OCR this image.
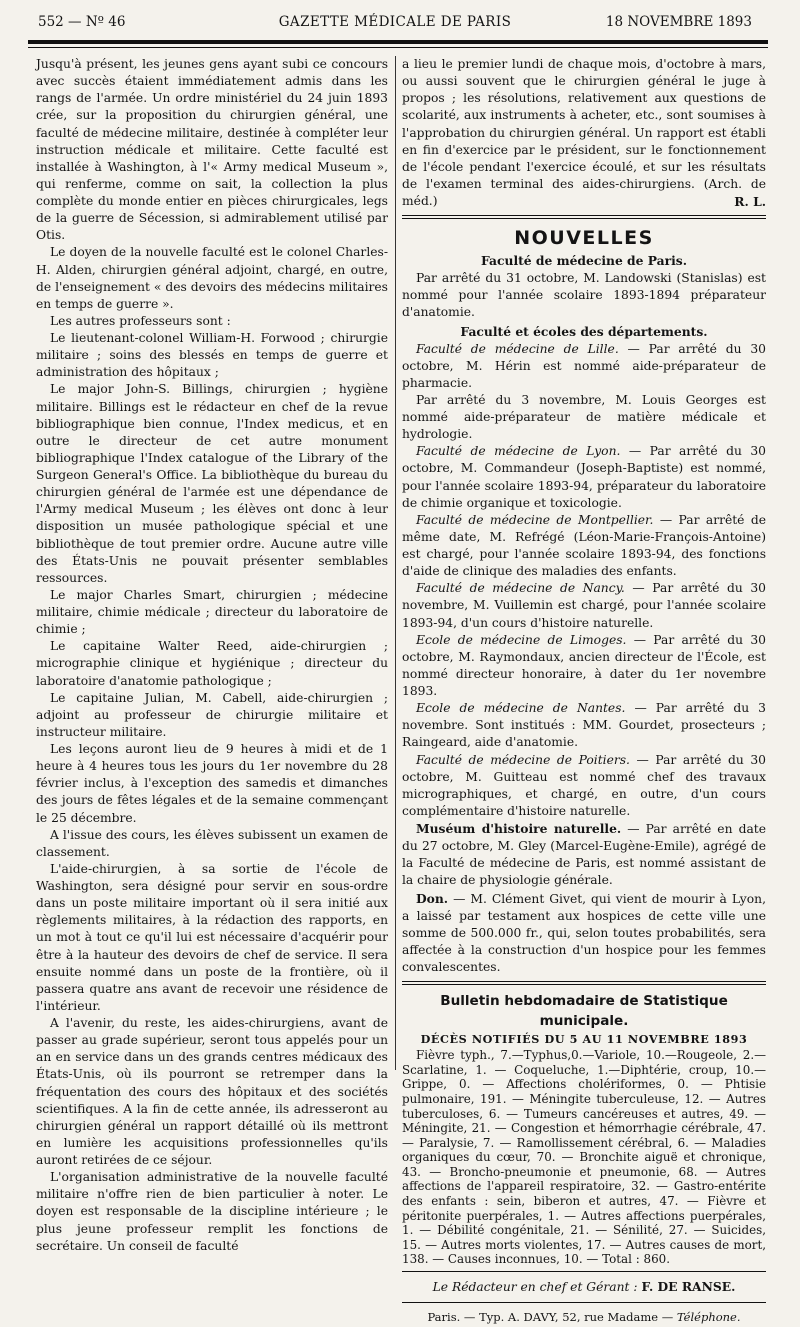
552 — Nº 46	GAZETTE MÉDICALE DE PARIS	18 NOVEMBRE 1893

Jusqu'à présent, les jeunes gens ayant subi ce concours avec succès étaient immédiatement admis dans les rangs de l'armée. Un ordre ministériel du 24 juin 1893 crée, sur la proposition du chirurgien général, une faculté de médecine militaire, destinée à compléter leur instruction médicale et militaire. Cette faculté est installée à Washington, à l'« Army medical Museum », qui renferme, comme on sait, la collection la plus complète du monde entier en pièces chirurgicales, legs de la guerre de Sécession, si admirablement utilisé par Otis.

Le doyen de la nouvelle faculté est le colonel Charles-H. Alden, chirurgien général adjoint, chargé, en outre, de l'enseignement « des devoirs des médecins militaires en temps de guerre ».

Les autres professeurs sont :

Le lieutenant-colonel William-H. Forwood ; chirurgie militaire ; soins des blessés en temps de guerre et administration des hôpitaux ;

Le major John-S. Billings, chirurgien ; hygiène militaire. Billings est le rédacteur en chef de la revue bibliographique bien connue, l'Index medicus, et en outre le directeur de cet autre monument bibliographique l'Index catalogue of the Library of the Surgeon General's Office. La bibliothèque du bureau du chirurgien général de l'armée est une dépendance de l'Army medical Museum ; les élèves ont donc à leur disposition un musée pathologique spécial et une bibliothèque de tout premier ordre. Aucune autre ville des États-Unis ne pouvait présenter semblables ressources.

Le major Charles Smart, chirurgien ; médecine militaire, chimie médicale ; directeur du laboratoire de chimie ;

Le capitaine Walter Reed, aide-chirurgien ; micrographie clinique et hygiénique ; directeur du laboratoire d'anatomie pathologique ;

Le capitaine Julian, M. Cabell, aide-chirurgien ; adjoint au professeur de chirurgie militaire et instructeur militaire.

Les leçons auront lieu de 9 heures à midi et de 1 heure à 4 heures tous les jours du 1er novembre du 28 février inclus, à l'exception des samedis et dimanches des jours de fêtes légales et de la semaine commençant le 25 décembre.

A l'issue des cours, les élèves subissent un examen de classement.

L'aide-chirurgien, à sa sortie de l'école de Washington, sera désigné pour servir en sous-ordre dans un poste militaire important où il sera initié aux règlements militaires, à la rédaction des rapports, en un mot à tout ce qu'il lui est nécessaire d'acquérir pour être à la hauteur des devoirs de chef de service. Il sera ensuite nommé dans un poste de la frontière, où il passera quatre ans avant de recevoir une résidence de l'intérieur.

A l'avenir, du reste, les aides-chirurgiens, avant de passer au grade supérieur, seront tous appelés pour un an en service dans un des grands centres médicaux des États-Unis, où ils pourront se retremper dans la fréquentation des cours des hôpitaux et des sociétés scientifiques. A la fin de cette année, ils adresseront au chirurgien général un rapport détaillé où ils mettront en lumière les acquisitions professionnelles qu'ils auront retirées de ce séjour.

L'organisation administrative de la nouvelle faculté militaire n'offre rien de bien particulier à noter. Le doyen est responsable de la discipline intérieure ; le plus jeune professeur remplit les fonctions de secrétaire. Un conseil de faculté

a lieu le premier lundi de chaque mois, d'octobre à mars, ou aussi souvent que le chirurgien général le juge à propos ; les résolutions, relativement aux questions de scolarité, aux instruments à acheter, etc., sont soumises à l'approbation du chirurgien général. Un rapport est établi en fin d'exercice par le président, sur le fonctionnement de l'école pendant l'exercice écoulé, et sur les résultats de l'examen terminal des aides-chirurgiens. (Arch. de méd.)	R. L.

NOUVELLES
Faculté de médecine de Paris.

Par arrêté du 31 octobre, M. Landowski (Stanislas) est nommé pour l'année scolaire 1893-1894 préparateur d'anatomie.

Faculté et écoles des départements.

Faculté de médecine de Lille. — Par arrêté du 30 octobre, M. Hérin est nommé aide-préparateur de pharmacie.

Par arrêté du 3 novembre, M. Louis Georges est nommé aide-préparateur de matière médicale et hydrologie.

Faculté de médecine de Lyon. — Par arrêté du 30 octobre, M. Commandeur (Joseph-Baptiste) est nommé, pour l'année scolaire 1893-94, préparateur du laboratoire de chimie organique et toxicologie.

Faculté de médecine de Montpellier. — Par arrêté de même date, M. Refrégé (Léon-Marie-François-Antoine) est chargé, pour l'année scolaire 1893-94, des fonctions d'aide de clinique des maladies des enfants.

Faculté de médecine de Nancy. — Par arrêté du 30 novembre, M. Vuillemin est chargé, pour l'année scolaire 1893-94, d'un cours d'histoire naturelle.

Ecole de médecine de Limoges. — Par arrêté du 30 octobre, M. Raymondaux, ancien directeur de l'École, est nommé directeur honoraire, à dater du 1er novembre 1893.

Ecole de médecine de Nantes. — Par arrêté du 3 novembre. Sont institués : MM. Gourdet, prosecteurs ; Raingeard, aide d'anatomie.

Faculté de médecine de Poitiers. — Par arrêté du 30 octobre, M. Guitteau est nommé chef des travaux micrographiques, et chargé, en outre, d'un cours complémentaire d'histoire naturelle.

Muséum d'histoire naturelle. — Par arrêté en date du 27 octobre, M. Gley (Marcel-Eugène-Emile), agrégé de la Faculté de médecine de Paris, est nommé assistant de la chaire de physiologie générale.

Don. — M. Clément Givet, qui vient de mourir à Lyon, a laissé par testament aux hospices de cette ville une somme de 500.000 fr., qui, selon toutes probabilités, sera affectée à la construction d'un hospice pour les femmes convalescentes.

Bulletin hebdomadaire de Statistique municipale.
DÉCÈS NOTIFIÉS DU 5 AU 11 NOVEMBRE 1893
Fièvre typh., 7.—Typhus,0.—Variole, 10.—Rougeole, 2.— Scarlatine, 1. — Coqueluche, 1.—Diphtérie, croup, 10.—Grippe, 0. — Affections cholériformes, 0. — Phtisie pulmonaire, 191. — Méningite tuberculeuse, 12. — Autres tuberculoses, 6. — Tumeurs cancéreuses et autres, 49. — Méningite, 21. — Congestion et hémorrhagie cérébrale, 47. — Paralysie, 7. — Ramollissement cérébral, 6. — Maladies organiques du cœur, 70. — Bronchite aiguë et chronique, 43. — Broncho-pneumonie et pneumonie, 68. — Autres affections de l'appareil respiratoire, 32. — Gastro-entérite des enfants : sein, biberon et autres, 47. — Fièvre et péritonite puerpérales, 1. — Autres affections puerpérales, 1. — Débilité congénitale, 21. — Sénilité, 27. — Suicides, 15. — Autres morts violentes, 17. — Autres causes de mort, 138. — Causes inconnues, 10. — Total : 860.
Le Rédacteur en chef et Gérant : F. DE RANSE.
Paris. — Typ. A. DAVY, 52, rue Madame — Téléphone.
